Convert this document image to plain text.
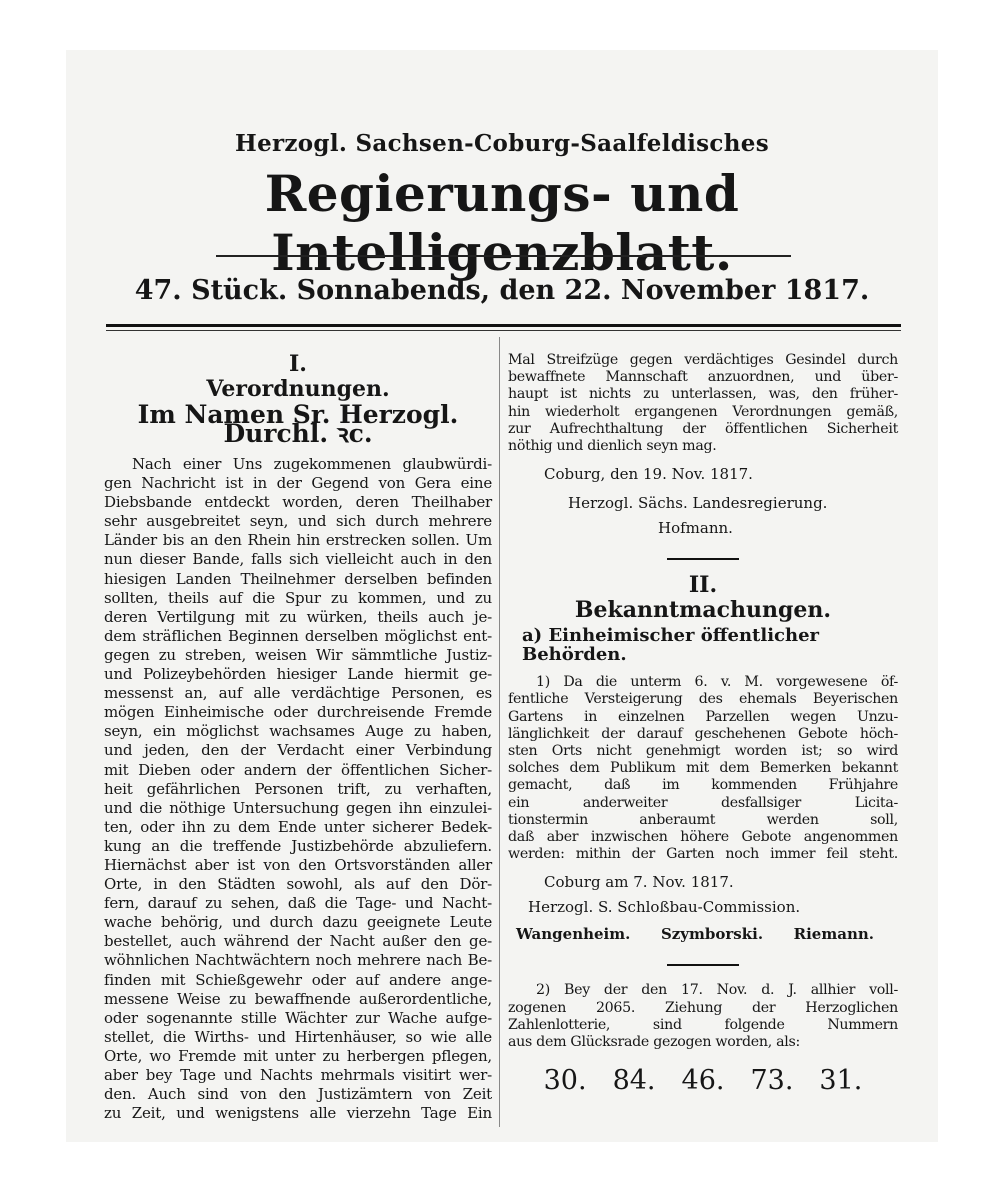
Herzogl. Sachsen-Coburg-Saalfeldisches
Regierungs- und Intelligenzblatt.
47. Stück. Sonnabends, den 22. November 1817.
I.
Verordnungen.
Im Namen Sr. Herzogl. Durchl. ꝛc.

Nach einer Uns zugekommenen glaubwürdi-

gen Nachricht ist in der Gegend von Gera eine

Diebsbande entdeckt worden, deren Theilhaber

sehr ausgebreitet seyn, und sich durch mehrere

Länder bis an den Rhein hin erstrecken sollen. Um

nun dieser Bande, falls sich vielleicht auch in den

hiesigen Landen Theilnehmer derselben befinden

sollten, theils auf die Spur zu kommen, und zu

deren Vertilgung mit zu würken, theils auch je-

dem sträflichen Beginnen derselben möglichst ent-

gegen zu streben, weisen Wir sämmtliche Justiz-

und Polizeybehörden hiesiger Lande hiermit ge-

messenst an, auf alle verdächtige Personen, es

mögen Einheimische oder durchreisende Fremde

seyn, ein möglichst wachsames Auge zu haben,

und jeden, den der Verdacht einer Verbindung

mit Dieben oder andern der öffentlichen Sicher-

heit gefährlichen Personen trift, zu verhaften,

und die nöthige Untersuchung gegen ihn einzulei-

ten, oder ihn zu dem Ende unter sicherer Bedek-

kung an die treffende Justizbehörde abzuliefern.

Hiernächst aber ist von den Ortsvorständen aller

Orte, in den Städten sowohl, als auf den Dör-

fern, darauf zu sehen, daß die Tage- und Nacht-

wache behörig, und durch dazu geeignete Leute

bestellet, auch während der Nacht außer den ge-

wöhnlichen Nachtwächtern noch mehrere nach Be-

finden mit Schießgewehr oder auf andere ange-

messene Weise zu bewaffnende außerordentliche,

oder sogenannte stille Wächter zur Wache aufge-

stellet, die Wirths- und Hirtenhäuser, so wie alle

Orte, wo Fremde mit unter zu herbergen pflegen,

aber bey Tage und Nachts mehrmals visitirt wer-

den. Auch sind von den Justizämtern von Zeit

zu Zeit, und wenigstens alle vierzehn Tage Ein

Mal Streifzüge gegen verdächtiges Gesindel durch

bewaffnete Mannschaft anzuordnen, und über-

haupt ist nichts zu unterlassen, was, den früher-

hin wiederholt ergangenen Verordnungen gemäß,

zur Aufrechthaltung der öffentlichen Sicherheit

nöthig und dienlich seyn mag.

Coburg, den 19. Nov. 1817.
Herzogl. Sächs. Landesregierung.
Hofmann.
II.
Bekanntmachungen.
a) Einheimischer öffentlicher Behörden.

1) Da die unterm 6. v. M. vorgewesene öf-

fentliche Versteigerung des ehemals Beyerischen

Gartens in einzelnen Parzellen wegen Unzu-

länglichkeit der darauf geschehenen Gebote höch-

sten Orts nicht genehmigt worden ist; so wird

solches dem Publikum mit dem Bemerken bekannt

gemacht, daß im kommenden Frühjahre

ein anderweiter desfallsiger Licita-

tionstermin anberaumt werden soll,

daß aber inzwischen höhere Gebote angenommen

werden: mithin der Garten noch immer feil steht.

Coburg am 7. Nov. 1817.
Herzogl. S. Schloßbau-Commission.
Wangenheim. Szymborski. Riemann.

2) Bey der den 17. Nov. d. J. allhier voll-

zogenen 2065. Ziehung der Herzoglichen

Zahlenlotterie, sind folgende Nummern

aus dem Glücksrade gezogen worden, als:

30. 84. 46. 73. 31.
